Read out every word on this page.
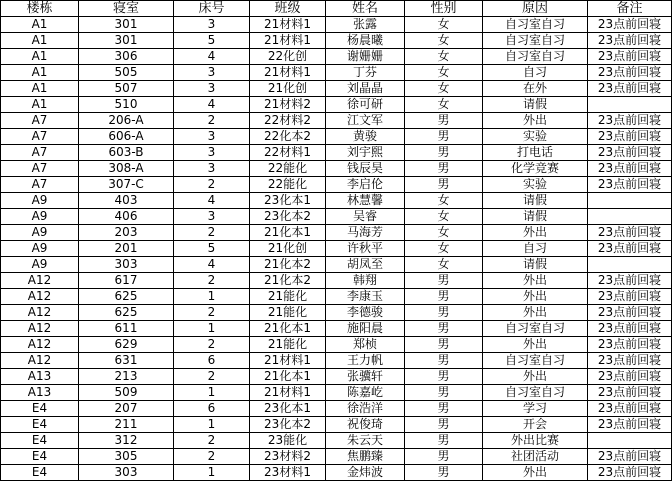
楼栋	寝室	床号	班级	姓名	性别	原因	备注
A1	301	3	21材料1	张露	女	自习室自习	23点前回寝
A1	301	5	21材料1	杨晨曦	女	自习室自习	23点前回寝
A1	306	4	22化创	谢姗姗	女	自习室自习	23点前回寝
A1	505	3	21材料1	丁芬	女	自习	23点前回寝
A1	507	3	21化创	刘晶晶	女	在外	23点前回寝
A1	510	4	21材料2	徐可研	女	请假	
A7	206-A	2	22材料2	江文军	男	外出	23点前回寝
A7	606-A	3	22化本2	黄骏	男	实验	23点前回寝
A7	603-B	3	22材料1	刘宇熙	男	打电话	23点前回寝
A7	308-A	3	22能化	钱辰昊	男	化学竞赛	23点前回寝
A7	307-C	2	22能化	李启伦	男	实验	23点前回寝
A9	403	4	23化本1	林慧馨	女	请假	
A9	406	3	23化本2	吴睿	女	请假	
A9	203	2	21化本1	马海芳	女	外出	23点前回寝
A9	201	5	21化创	许秋平	女	自习	23点前回寝
A9	303	4	21化本2	胡凤至	女	请假	
A12	617	2	21化本2	韩翔	男	外出	23点前回寝
A12	625	1	21能化	李康玉	男	外出	23点前回寝
A12	625	2	21能化	李德骏	男	外出	23点前回寝
A12	611	1	21化本1	施阳晨	男	自习室自习	23点前回寝
A12	629	2	21能化	郑桢	男	外出	23点前回寝
A12	631	6	21材料1	王力帆	男	自习室自习	23点前回寝
A13	213	2	21化本1	张骥轩	男	外出	23点前回寝
A13	509	1	21材料1	陈嘉屹	男	自习室自习	23点前回寝
E4	207	6	23化本1	徐浩洋	男	学习	23点前回寝
E4	211	1	23化本2	祝俊琦	男	开会	23点前回寝
E4	312	2	23能化	朱云天	男	外出比赛	
E4	305	2	23材料2	焦鹏臻	男	社团活动	23点前回寝
E4	303	1	23材料1	金炜波	男	外出	23点前回寝
